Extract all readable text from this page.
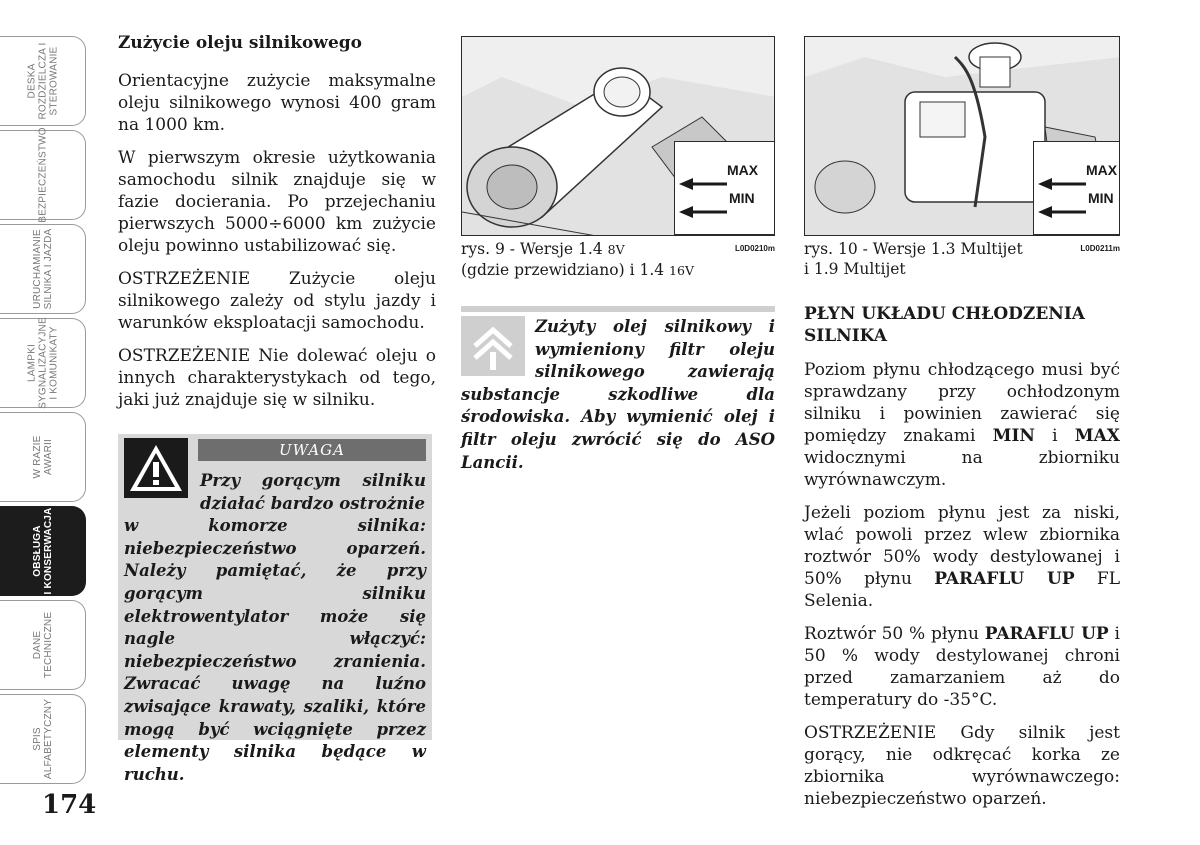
DESKA
ROZDZIELCZA I
STEROWANIE
BEZPIECZEŃSTWO
URUCHAMIANIE
SILNIKA I JAZDA
LAMPKI
SYGNALIZACYJNE
I KOMUNIKATY
W RAZIE
AWARII
OBSŁUGA
I KONSERWACJA
DANE
TECHNICZNE
SPIS
ALFABETYCZNY
174
Zużycie oleju silnikowego

Orientacyjne zużycie maksymalne oleju silnikowego wynosi 400 gram na 1000 km.

W pierwszym okresie użytkowania samochodu silnik znajduje się w fazie docierania. Po przejechaniu pierwszych 5000÷6000 km zużycie oleju powinno ustabilizować się.

OSTRZEŻENIE Zużycie oleju silnikowego zależy od stylu jazdy i warunków eksploatacji samochodu.

OSTRZEŻENIE Nie dolewać oleju o innych charakterystykach od tego, jaki już znajduje się w silniku.

UWAGA
Przy gorącym silniku działać bardzo ostrożnie
w komorze silnika: niebezpieczeństwo oparzeń. Należy pamiętać, że przy gorącym silniku elektrowentylator może się nagle włączyć: niebezpieczeństwo zranienia. Zwracać uwagę na luźno zwisające krawaty, szaliki, które mogą być wciągnięte przez elementy silnika będące w ruchu.
MAX
MIN
L0D0210m
rys. 9 - Wersje 1.4 8V
(gdzie przewidziano) i 1.4 16V
Zużyty olej silnikowy i wymieniony filtr oleju silnikowego zawierają substancje szkodliwe dla środowiska. Aby wymienić olej i filtr oleju zwrócić się do ASO Lancii.
MAX
MIN
L0D0211m
rys. 10 - Wersje 1.3 Multijet
i 1.9 Multijet
PŁYN UKŁADU CHŁODZENIA SILNIKA

Poziom płynu chłodzącego musi być sprawdzany przy ochłodzonym silniku i powinien zawierać się pomiędzy znakami MIN i MAX widocznymi na zbiorniku wyrównawczym.

Jeżeli poziom płynu jest za niski, wlać powoli przez wlew zbiornika roztwór 50% wody destylowanej i 50% płynu PARAFLU UP FL Selenia.

Roztwór 50 % płynu PARAFLU UP i 50 % wody destylowanej chroni przed zamarzaniem aż do temperatury do -35°C.

OSTRZEŻENIE Gdy silnik jest gorący, nie odkręcać korka ze zbiornika wyrównawczego: niebezpieczeństwo oparzeń.
